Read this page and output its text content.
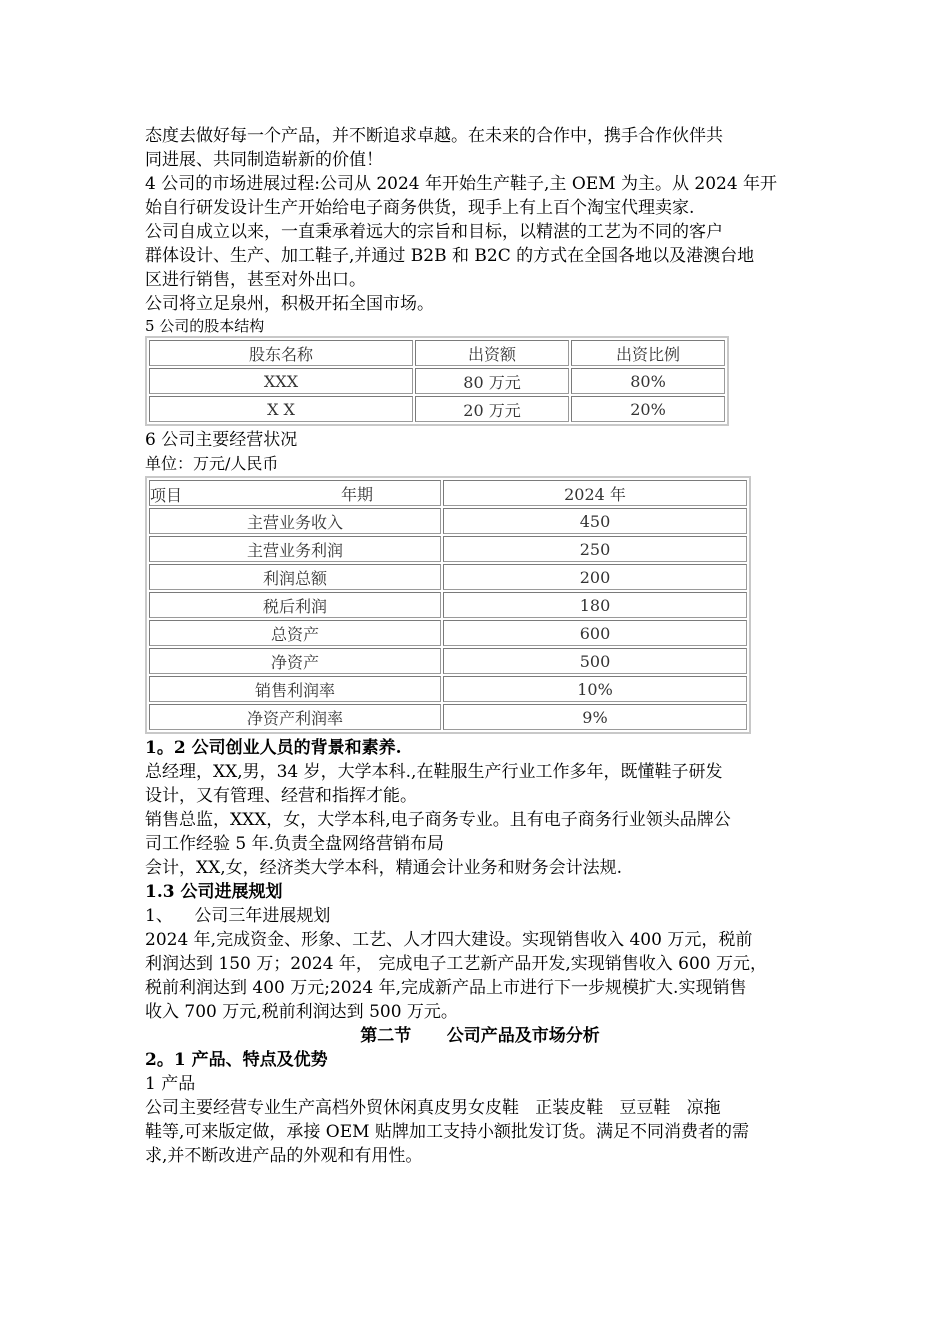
态度去做好每一个产品，并不断追求卓越。在未来的合作中，携手合作伙伴共

同进展、共同制造崭新的价值！

4 公司的市场进展过程:公司从 2024 年开始生产鞋子,主 OEM 为主。从 2024 年开

始自行研发设计生产开始给电子商务供货，现手上有上百个淘宝代理卖家.

公司自成立以来，一直秉承着远大的宗旨和目标，以精湛的工艺为不同的客户

群体设计、生产、加工鞋子,并通过 B2B 和 B2C 的方式在全国各地以及港澳台地

区进行销售，甚至对外出口。

公司将立足泉州，积极开拓全国市场。

5 公司的股本结构

股东名称	出资额	出资比例
XXX	80 万元	80%
X X	20 万元	20%

6 公司主要经营状况

单位：万元/人民币

项目 年期	2024 年
主营业务收入	450
主营业务利润	250
利润总额	200
税后利润	180
总资产	600
净资产	500
销售利润率	10%
净资产利润率	9%

1。2 公司创业人员的背景和素养.

总经理，XX,男，34 岁，大学本科.,在鞋服生产行业工作多年，既懂鞋子研发

设计，又有管理、经营和指挥才能。

销售总监，XXX，女，大学本科,电子商务专业。且有电子商务行业领头品牌公

司工作经验 5 年.负责全盘网络营销布局

会计，XX,女，经济类大学本科，精通会计业务和财务会计法规.

1.3 公司进展规划

1、    公司三年进展规划

2024 年,完成资金、形象、工艺、人才四大建设。实现销售收入 400 万元，税前

利润达到 150 万；2024 年， 完成电子工艺新产品开发,实现销售收入 600 万元，

税前利润达到 400 万元;2024 年,完成新产品上市进行下一步规模扩大.实现销售

收入 700 万元,税前利润达到 500 万元。

第二节      公司产品及市场分析

2。1 产品、特点及优势

1 产品

公司主要经营专业生产高档外贸休闲真皮男女皮鞋   正装皮鞋   豆豆鞋   凉拖

鞋等,可来版定做，承接 OEM 贴牌加工支持小额批发订货。满足不同消费者的需

求,并不断改进产品的外观和有用性。
